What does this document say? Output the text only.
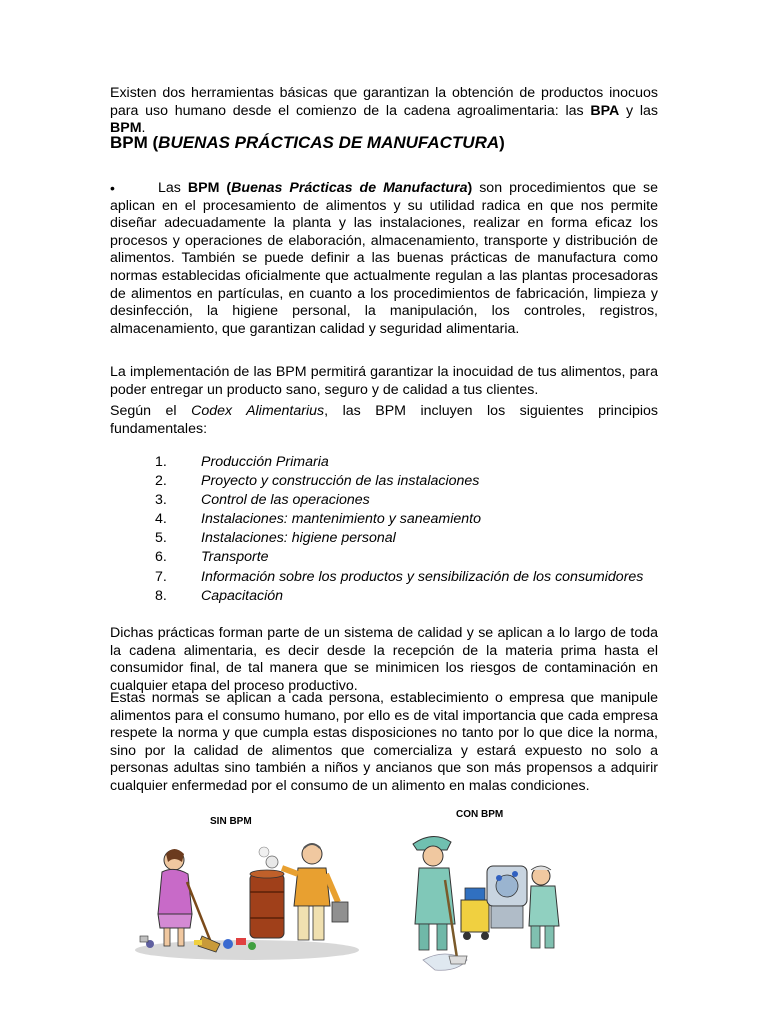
Existen dos herramientas básicas que garantizan la obtención de productos inocuos para uso humano desde el comienzo de la cadena agroalimentaria: las BPA y las BPM.

BPM (BUENAS PRÁCTICAS DE MANUFACTURA)
•	Las BPM (Buenas Prácticas de Manufactura) son procedimientos que se aplican en el procesamiento de alimentos y su utilidad radica en que nos permite diseñar adecuadamente la planta y las instalaciones, realizar en forma eficaz los procesos y operaciones de elaboración, almacenamiento, transporte y distribución de alimentos. También se puede definir a las buenas prácticas de manufactura como normas establecidas oficialmente que actualmente regulan a las plantas procesadoras de alimentos en partículas, en cuanto a los procedimientos de fabricación, limpieza y desinfección, la higiene personal, la manipulación, los controles, registros, almacenamiento, que garantizan calidad y seguridad alimentaria.

La implementación de las BPM permitirá garantizar la inocuidad de tus alimentos, para poder entregar un producto sano, seguro y de calidad a tus clientes.

Según el Codex Alimentarius, las BPM incluyen los siguientes principios fundamentales:

1. Producción Primaria
2. Proyecto y construcción de las instalaciones
3. Control de las operaciones
4. Instalaciones: mantenimiento y saneamiento
5. Instalaciones: higiene personal
6. Transporte
7. Información sobre los productos y sensibilización de los consumidores
8. Capacitación

Dichas prácticas forman parte de un sistema de calidad y se aplican a lo largo de toda la cadena alimentaria, es decir desde la recepción de la materia prima hasta el consumidor final, de tal manera que se minimicen los riesgos de contaminación en cualquier etapa del proceso productivo.

Estas normas se aplican a cada persona, establecimiento o empresa que manipule alimentos para el consumo humano, por ello es de vital importancia que cada empresa respete la norma y que cumpla estas disposiciones no tanto por lo que dice la norma, sino por la calidad de alimentos que comercializa y estará expuesto no solo a personas adultas sino también a niños y ancianos que son más propensos a adquirir cualquier enfermedad por el consumo de un alimento en malas condiciones.

SIN BPM
CON BPM
